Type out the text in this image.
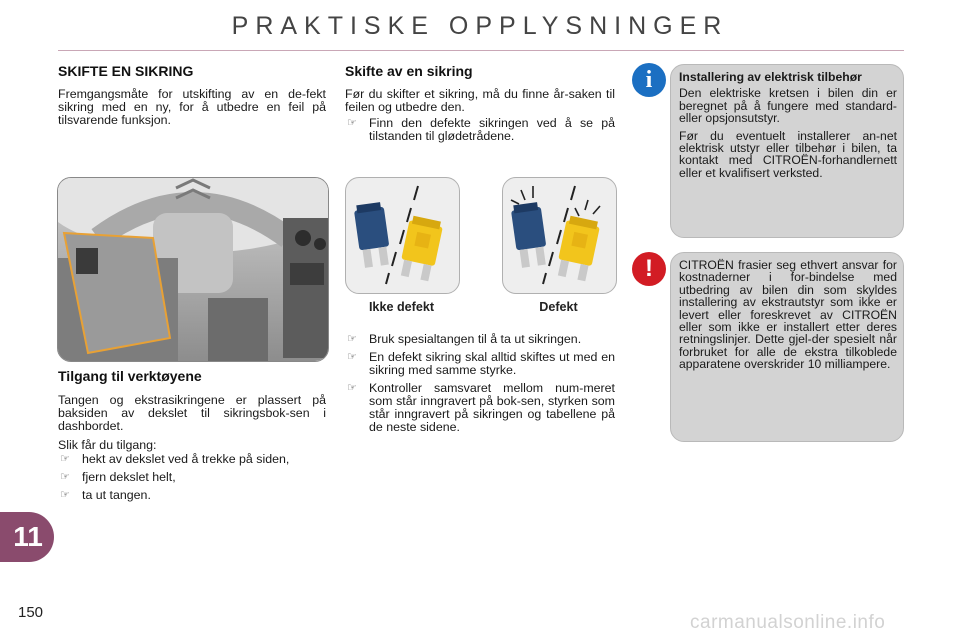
PRAKTISKE OPPLYSNINGER
SKIFTE EN SIKRING

Fremgangsmåte for utskifting av en de-fekt sikring med en ny, for å utbedre en feil på tilsvarende funksjon.

Tilgang til verktøyene

Tangen og ekstrasikringene er plassert på baksiden av dekslet til sikringsbok-sen i dashbordet.

Slik får du tilgang:

☞ hekt av dekslet ved å trekke på siden,
☞ fjern dekslet helt,
☞ ta ut tangen.
Skifte av en sikring

Før du skifter et sikring, må du finne år-saken til feilen og utbedre den.

☞ Finn den defekte sikringen ved å se på tilstanden til glødetrådene.
Ikke defekt	Defekt
☞ Bruk spesialtangen til å ta ut sikringen.
☞ En defekt sikring skal alltid skiftes ut med en sikring med samme styrke.
☞ Kontroller samsvaret mellom num-meret som står inngravert på bok-sen, styrken som står inngravert på sikringen og tabellene på de neste sidene.
i	Installering av elektrisk tilbehør

Den elektriske kretsen i bilen din er beregnet på å fungere med standard- eller opsjonsutstyr.

Før du eventuelt installerer an-net elektrisk utstyr eller tilbehør i bilen, ta kontakt med CITROËN-forhandlernett eller et kvalifisert verksted.

!	CITROËN frasier seg ethvert ansvar for kostnaderner i for-bindelse med utbedring av bilen din som skyldes installering av ekstrautstyr som ikke er levert eller foreskrevet av CITROËN eller som ikke er installert etter deres retningslinjer. Dette gjel-der spesielt når forbruket for alle de ekstra tilkoblede apparatene overskrider 10 milliampere.

11
150	carmanualsonline.info
